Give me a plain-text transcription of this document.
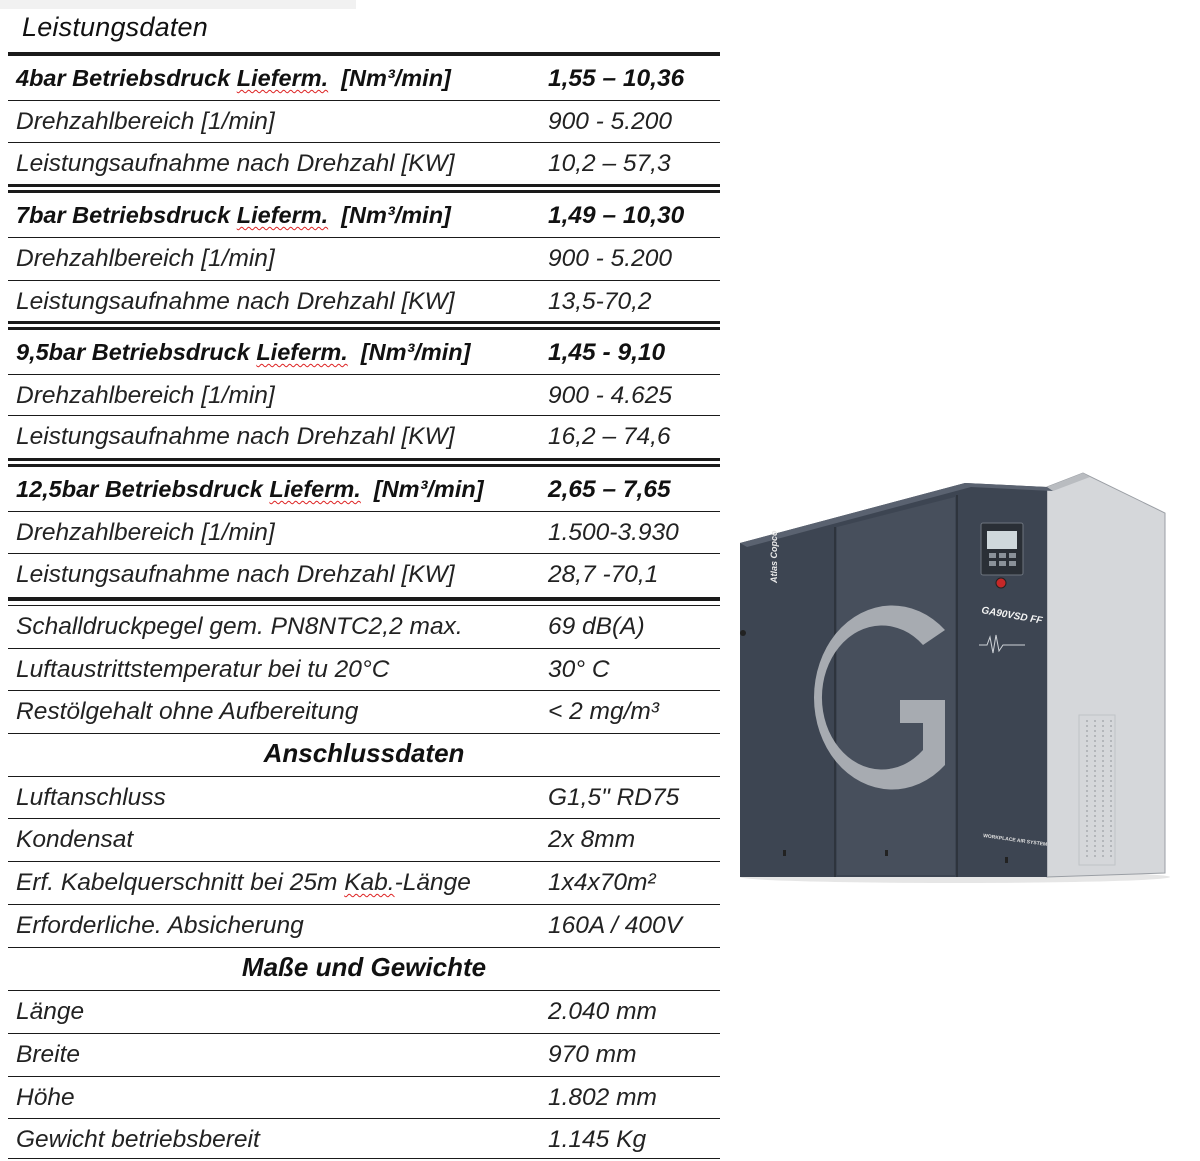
Leistungsdaten
4bar Betriebsdruck Lieferm. [Nm³/min]	1,55 – 10,36
Drehzahlbereich [1/min]	900 - 5.200
Leistungsaufnahme nach Drehzahl [KW]	10,2 – 57,3
7bar Betriebsdruck Lieferm. [Nm³/min]	1,49 – 10,30
Drehzahlbereich [1/min]	900 - 5.200
Leistungsaufnahme nach Drehzahl [KW]	13,5-70,2
9,5bar Betriebsdruck Lieferm. [Nm³/min]	1,45 - 9,10
Drehzahlbereich [1/min]	900 - 4.625
Leistungsaufnahme nach Drehzahl [KW]	16,2 – 74,6
12,5bar Betriebsdruck Lieferm. [Nm³/min]	2,65 – 7,65
Drehzahlbereich [1/min]	1.500-3.930
Leistungsaufnahme nach Drehzahl [KW]	28,7 -70,1
Schalldruckpegel gem. PN8NTC2,2 max.	69 dB(A)
Luftaustrittstemperatur bei tu 20°C	30° C
Restölgehalt ohne Aufbereitung	< 2 mg/m³
Anschlussdaten
Luftanschluss	G1,5" RD75
Kondensat	2x 8mm
Erf. Kabelquerschnitt bei 25m Kab.-Länge	1x4x70m²
Erforderliche. Absicherung	160A / 400V
Maße und Gewichte
Länge	2.040 mm
Breite	970 mm
Höhe	1.802 mm
Gewicht betriebsbereit	1.145 Kg
Atlas Copco
GA90VSD FF
WORKPLACE AIR SYSTEM
